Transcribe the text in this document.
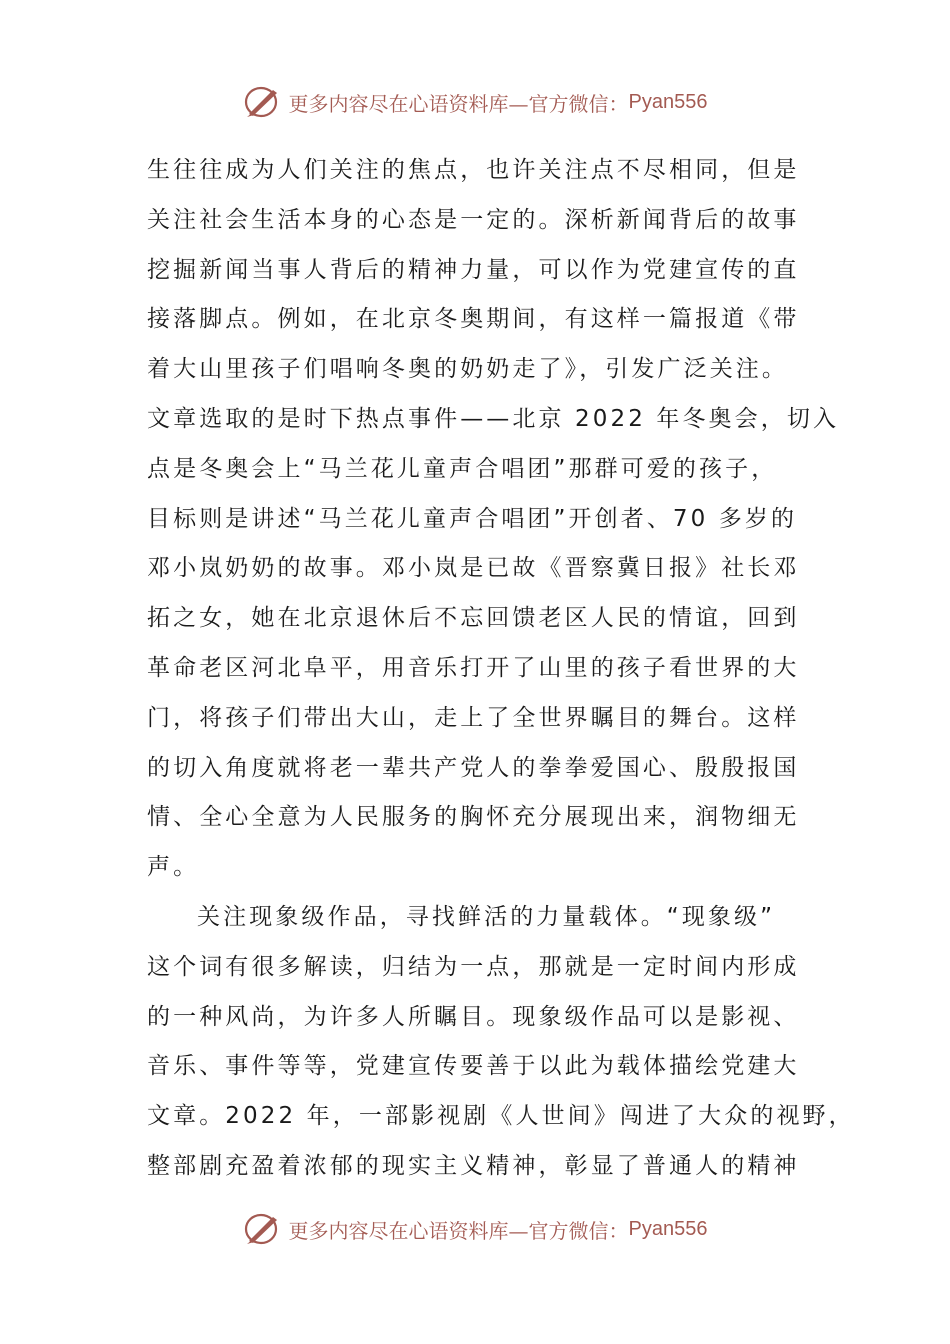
更多内容尽在心语资料库—官方微信： Pyan556
生往往成为人们关注的焦点，也许关注点不尽相同，但是
关注社会生活本身的心态是一定的。深析新闻背后的故事
挖掘新闻当事人背后的精神力量，可以作为党建宣传的直
接落脚点。例如，在北京冬奥期间，有这样一篇报道《带
着大山里孩子们唱响冬奥的奶奶走了》，引发广泛关注。
文章选取的是时下热点事件——北京 2022 年冬奥会，切入
点是冬奥会上“马兰花儿童声合唱团”那群可爱的孩子，
目标则是讲述“马兰花儿童声合唱团”开创者、70 多岁的
邓小岚奶奶的故事。邓小岚是已故《晋察冀日报》社长邓
拓之女，她在北京退休后不忘回馈老区人民的情谊，回到
革命老区河北阜平，用音乐打开了山里的孩子看世界的大
门，将孩子们带出大山，走上了全世界瞩目的舞台。这样
的切入角度就将老一辈共产党人的拳拳爱国心、殷殷报国
情、全心全意为人民服务的胸怀充分展现出来，润物细无
声。
关注现象级作品，寻找鲜活的力量载体。“现象级”
这个词有很多解读，归结为一点，那就是一定时间内形成
的一种风尚，为许多人所瞩目。现象级作品可以是影视、
音乐、事件等等，党建宣传要善于以此为载体描绘党建大
文章。2022 年，一部影视剧《人世间》闯进了大众的视野，
整部剧充盈着浓郁的现实主义精神，彰显了普通人的精神
更多内容尽在心语资料库—官方微信： Pyan556
